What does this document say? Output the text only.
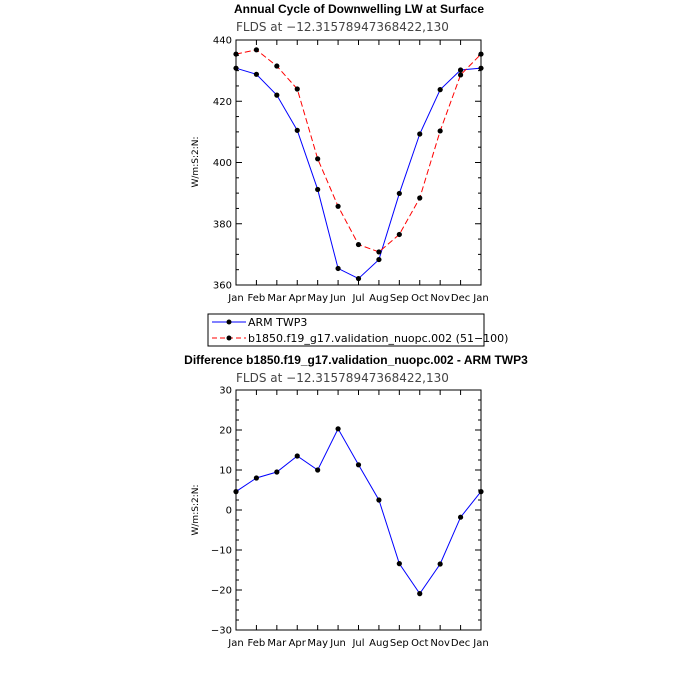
Annual Cycle of Downwelling LW at Surface
FLDS at −12.31578947368422,130
W/m:S:2:N:
Jan Feb Mar Apr May Jun Jul Aug Sep Oct Nov Dec Jan
360
380
400
420
440
ARM TWP3
b1850.f19_g17.validation_nuopc.002 (51−100)
Difference b1850.f19_g17.validation_nuopc.002 - ARM TWP3
FLDS at −12.31578947368422,130
W/m:S:2:N:
Jan Feb Mar Apr May Jun Jul Aug Sep Oct Nov Dec Jan
−30
−20
−10
0
10
20
30
